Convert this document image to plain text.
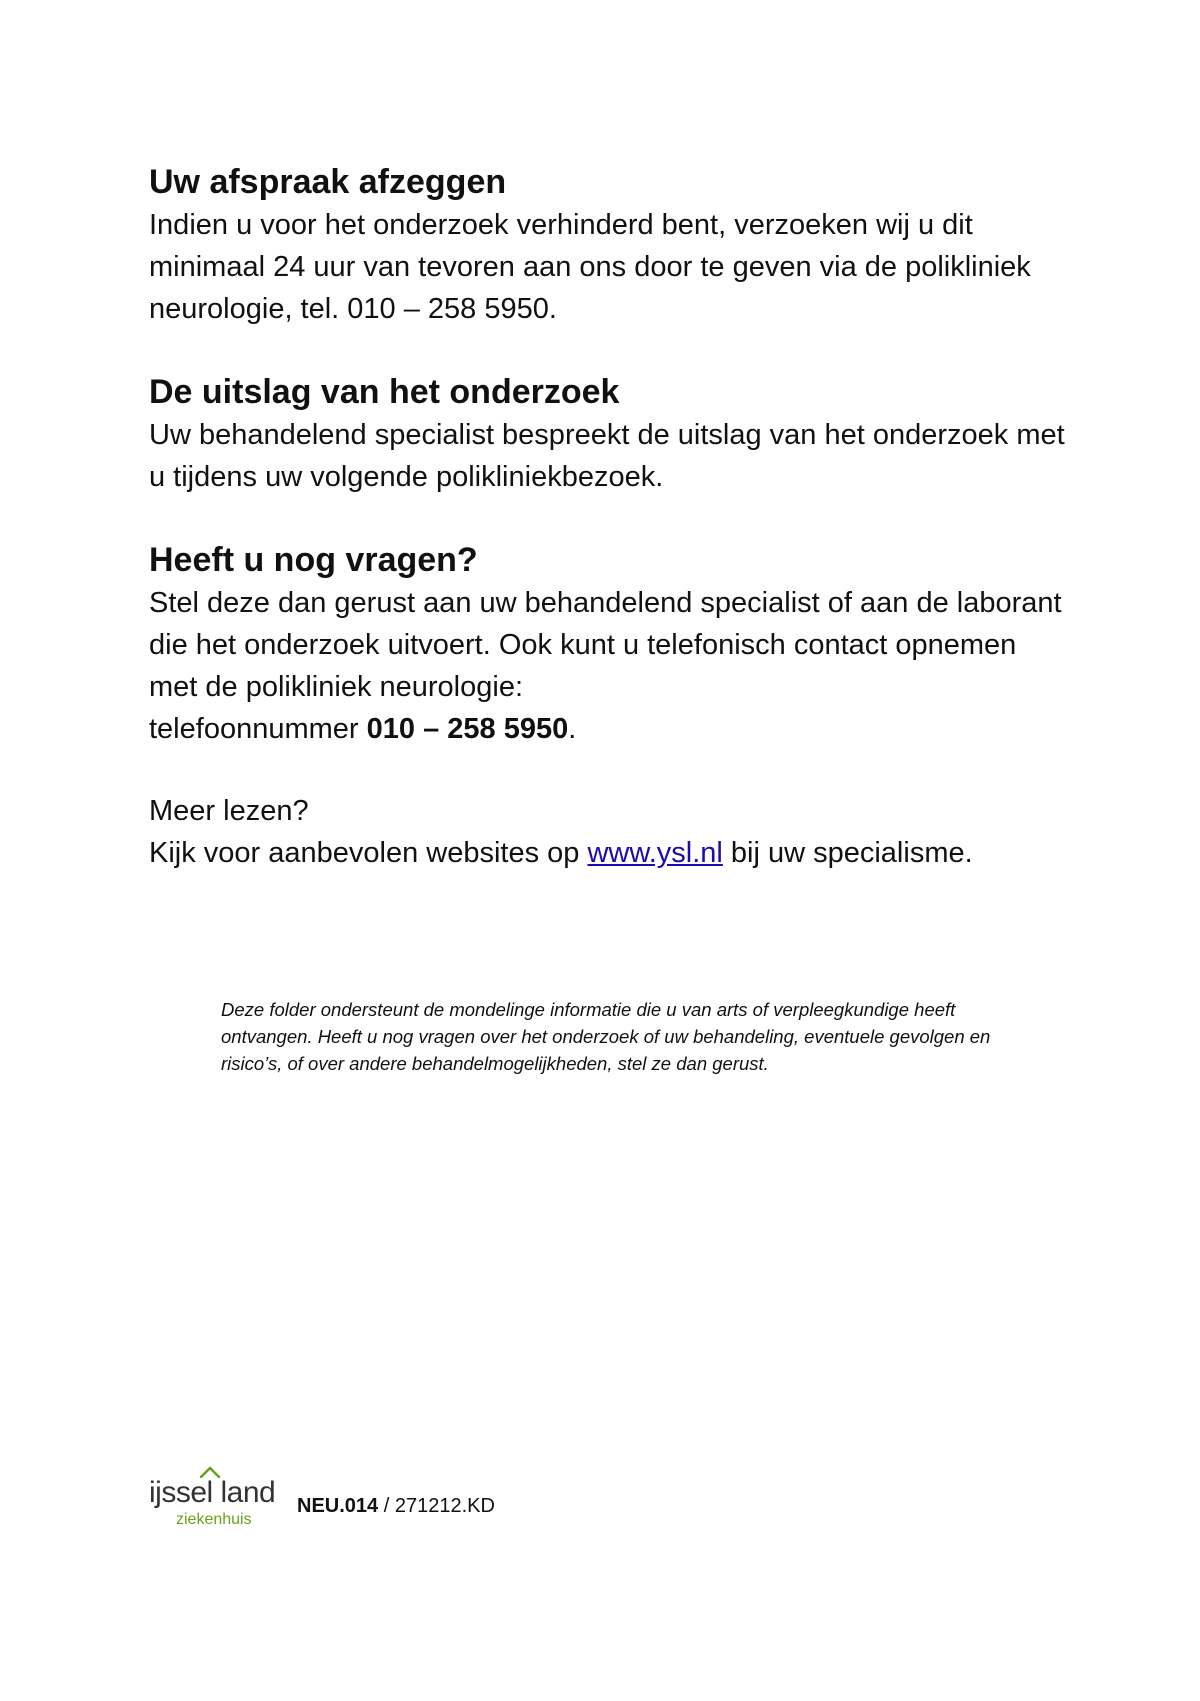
Uw afspraak afzeggen

Indien u voor het onderzoek verhinderd bent, verzoeken wij u dit minimaal 24 uur van tevoren aan ons door te geven via de polikliniek neurologie, tel. 010 – 258 5950.

De uitslag van het onderzoek

Uw behandelend specialist bespreekt de uitslag van het onderzoek met u tijdens uw volgende polikliniekbezoek.

Heeft u nog vragen?

Stel deze dan gerust aan uw behandelend specialist of aan de laborant die het onderzoek uitvoert. Ook kunt u telefonisch contact opnemen met de polikliniek neurologie:

telefoonnummer 010 – 258 5950.

Meer lezen?

Kijk voor aanbevolen websites op www.ysl.nl bij uw specialisme.

Deze folder ondersteunt de mondelinge informatie die u van arts of verpleegkundige heeft ontvangen. Heeft u nog vragen over het onderzoek of uw behandeling, eventuele gevolgen en risico’s, of over andere behandelmogelijkheden, stel ze dan gerust.
ijssel land
ziekenhuis
NEU.014 / 271212.KD
